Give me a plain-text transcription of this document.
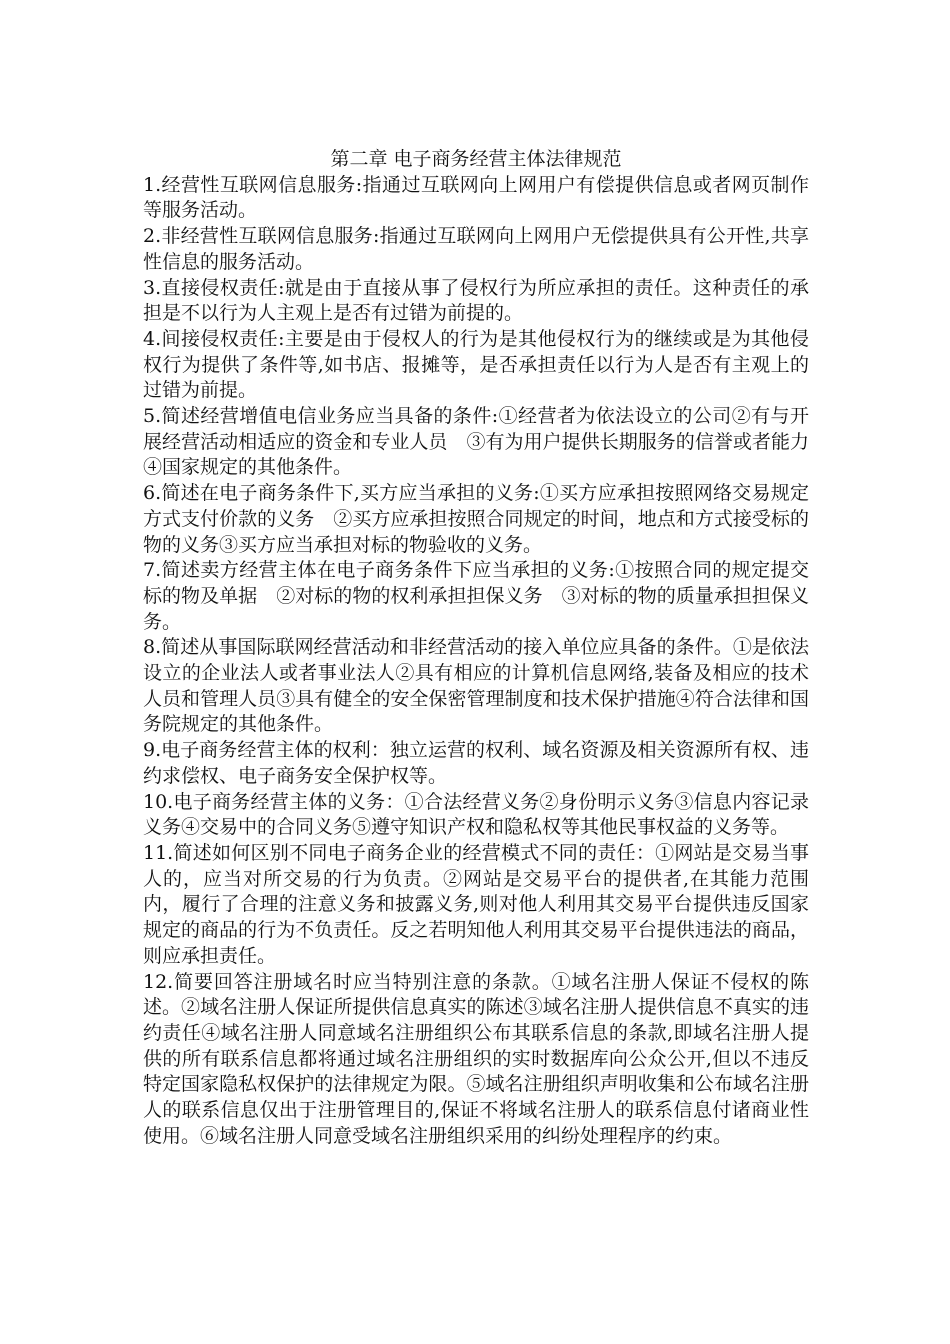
第二章 电子商务经营主体法律规范

1.经营性互联网信息服务:指通过互联网向上网用户有偿提供信息或者网页制作等服务活动。

2.非经营性互联网信息服务:指通过互联网向上网用户无偿提供具有公开性,共享性信息的服务活动。

3.直接侵权责任:就是由于直接从事了侵权行为所应承担的责任。这种责任的承担是不以行为人主观上是否有过错为前提的。

4.间接侵权责任:主要是由于侵权人的行为是其他侵权行为的继续或是为其他侵权行为提供了条件等,如书店、报摊等，是否承担责任以行为人是否有主观上的过错为前提。

5.简述经营增值电信业务应当具备的条件:①经营者为依法设立的公司②有与开展经营活动相适应的资金和专业人员　③有为用户提供长期服务的信誉或者能力④国家规定的其他条件。

6.简述在电子商务条件下,买方应当承担的义务:①买方应承担按照网络交易规定方式支付价款的义务　②买方应承担按照合同规定的时间，地点和方式接受标的物的义务③买方应当承担对标的物验收的义务。

7.简述卖方经营主体在电子商务条件下应当承担的义务:①按照合同的规定提交标的物及单据　②对标的物的权利承担担保义务　③对标的物的质量承担担保义务。

8.简述从事国际联网经营活动和非经营活动的接入单位应具备的条件。①是依法设立的企业法人或者事业法人②具有相应的计算机信息网络,装备及相应的技术人员和管理人员③具有健全的安全保密管理制度和技术保护措施④符合法律和国务院规定的其他条件。

9.电子商务经营主体的权利：独立运营的权利、域名资源及相关资源所有权、违约求偿权、电子商务安全保护权等。

10.电子商务经营主体的义务：①合法经营义务②身份明示义务③信息内容记录义务④交易中的合同义务⑤遵守知识产权和隐私权等其他民事权益的义务等。

11.简述如何区别不同电子商务企业的经营模式不同的责任：①网站是交易当事人的，应当对所交易的行为负责。②网站是交易平台的提供者,在其能力范围内，履行了合理的注意义务和披露义务,则对他人利用其交易平台提供违反国家规定的商品的行为不负责任。反之若明知他人利用其交易平台提供违法的商品，则应承担责任。

12.简要回答注册域名时应当特别注意的条款。①域名注册人保证不侵权的陈述。②域名注册人保证所提供信息真实的陈述③域名注册人提供信息不真实的违约责任④域名注册人同意域名注册组织公布其联系信息的条款,即域名注册人提供的所有联系信息都将通过域名注册组织的实时数据库向公众公开,但以不违反特定国家隐私权保护的法律规定为限。⑤域名注册组织声明收集和公布域名注册人的联系信息仅出于注册管理目的,保证不将域名注册人的联系信息付诸商业性使用。⑥域名注册人同意受域名注册组织采用的纠纷处理程序的约束。
